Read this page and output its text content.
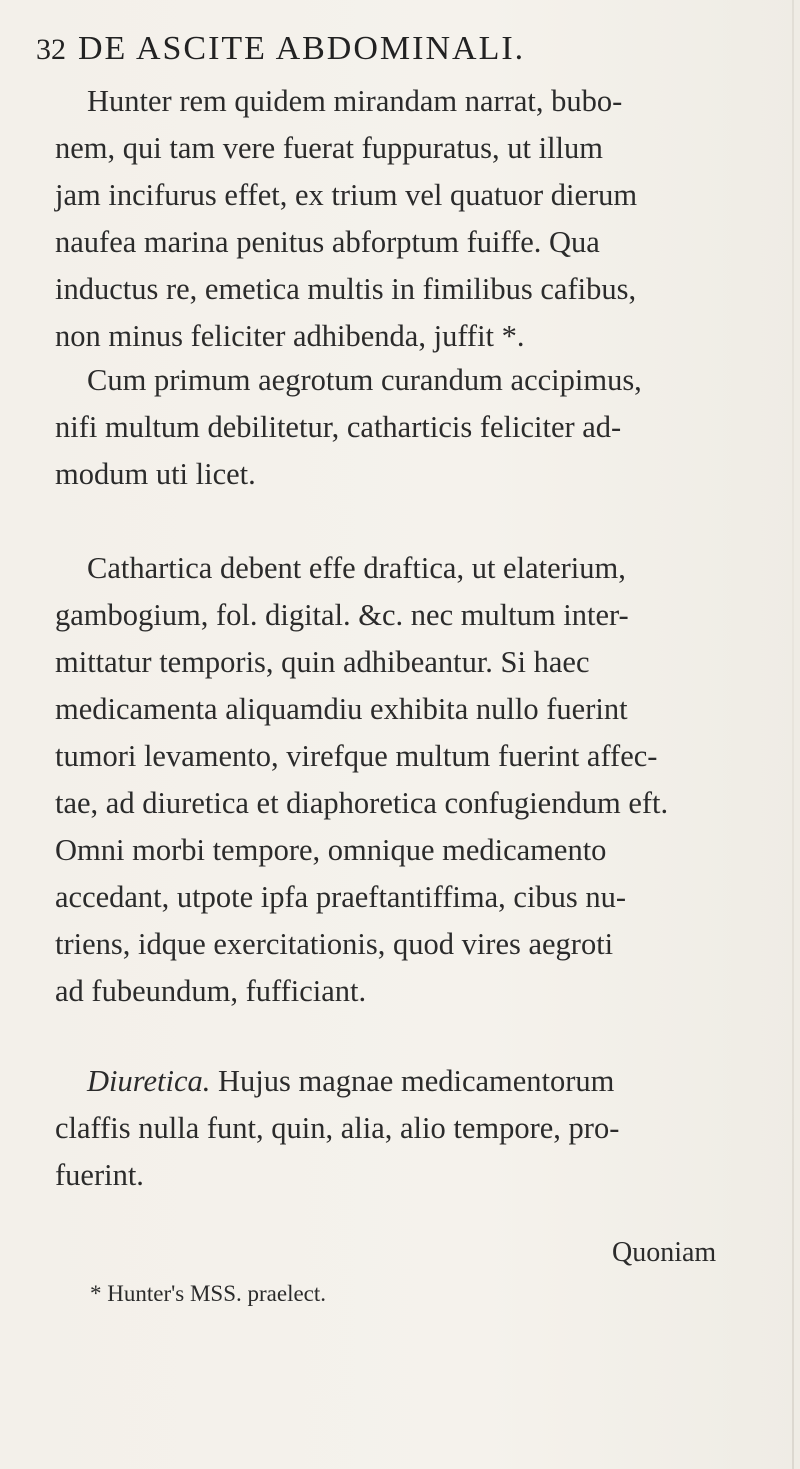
32 DE ASCITE ABDOMINALI.
Hunter rem quidem mirandam narrat, bubo-
nem, qui tam vere fuerat fuppuratus, ut illum
jam incifurus effet, ex trium vel quatuor dierum
naufea marina penitus abforptum fuiffe. Qua
inductus re, emetica multis in fimilibus cafibus,
non minus feliciter adhibenda, juffit *.
Cum primum aegrotum curandum accipimus,
nifi multum debilitetur, catharticis feliciter ad-
modum uti licet.
Cathartica debent effe draftica, ut elaterium,
gambogium, fol. digital. &c. nec multum inter-
mittatur temporis, quin adhibeantur. Si haec
medicamenta aliquamdiu exhibita nullo fuerint
tumori levamento, virefque multum fuerint affec-
tae, ad diuretica et diaphoretica confugiendum eft.
Omni morbi tempore, omnique medicamento
accedant, utpote ipfa praeftantiffima, cibus nu-
triens, idque exercitationis, quod vires aegroti
ad fubeundum, fufficiant.
Diuretica. Hujus magnae medicamentorum
claffis nulla funt, quin, alia, alio tempore, pro-
fuerint.
Quoniam
* Hunter's MSS. praelect.
